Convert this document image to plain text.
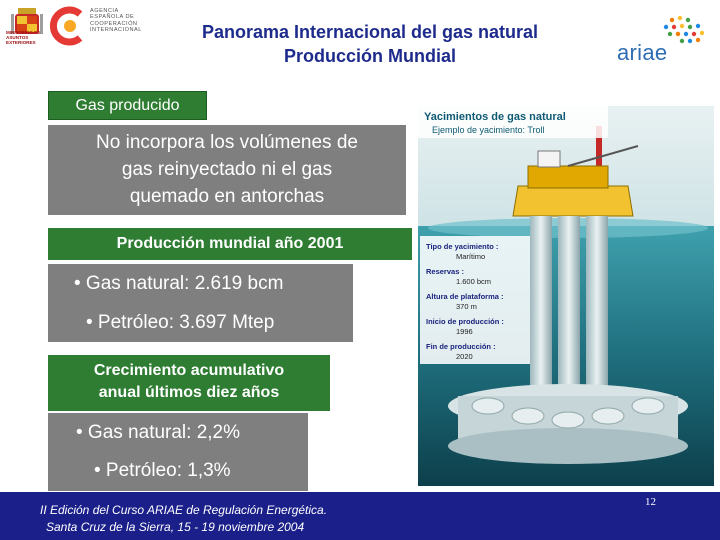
MINISTERIO DE ASUNTOS EXTERIORES
AGENCIA
ESPAÑOLA DE
COOPERACIÓN
INTERNACIONAL
ariae
Panorama Internacional del gas natural
Producción Mundial
Gas producido
No incorpora los volúmenes de
gas reinyectado ni el gas
quemado en antorchas
Producción mundial año 2001
• Gas natural: 2.619 bcm
• Petróleo: 3.697 Mtep
Crecimiento acumulativo
anual últimos diez años
• Gas natural: 2,2%
• Petróleo: 1,3%
Yacimientos de gas natural
Ejemplo de yacimiento: Troll
Tipo de yacimiento :
Marítimo
Reservas :
1.600 bcm
Altura de plataforma :
370 m
Inicio de producción :
1996
Fin de producción :
2020
II Edición del Curso ARIAE de Regulación Energética.
Santa Cruz de la Sierra, 15 - 19 noviembre 2004
12
